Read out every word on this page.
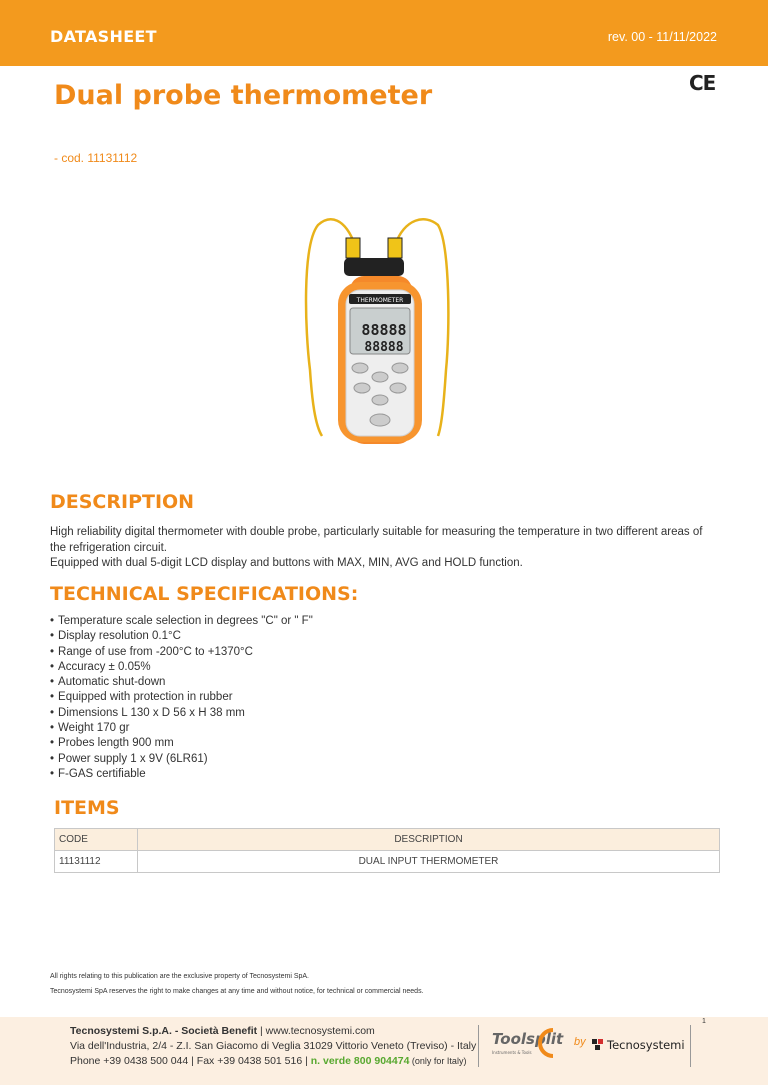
DATASHEET	rev. 00 - 11/11/2022
Dual probe thermometer	CE
- cod. 11131112
THERMOMETER
88888
88888
DESCRIPTION

High reliability digital thermometer with double probe, particularly suitable for measuring the temperature in two different areas of the refrigeration circuit.

Equipped with dual 5-digit LCD display and buttons with MAX, MIN, AVG and HOLD function.

TECHNICAL SPECIFICATIONS:
• Temperature scale selection in degrees "C" or " F"
• Display resolution 0.1°C
• Range of use from -200°C to +1370°C
• Accuracy ± 0.05%
• Automatic shut-down
• Equipped with protection in rubber
• Dimensions L 130 x D 56 x H 38 mm
• Weight 170 gr
• Probes length 900 mm
• Power supply 1 x 9V (6LR61)
• F-GAS certifiable
ITEMS
CODE	DESCRIPTION
11131112	DUAL INPUT THERMOMETER
All rights relating to this publication are the exclusive property of Tecnosystemi SpA.
Tecnosystemi SpA reserves the right to make changes at any time and without notice, for technical or commercial needs.
1
Tecnosystemi S.p.A. - Società Benefit | www.tecnosystemi.com
Via dell'Industria, 2/4 - Z.I. San Giacomo di Veglia 31029 Vittorio Veneto (Treviso) - Italy
Phone +39 0438 500 044 | Fax +39 0438 501 516 | n. verde 800 904474 (only for Italy)
Toolsplit
Instruments & Tools
by Tecnosystemi
